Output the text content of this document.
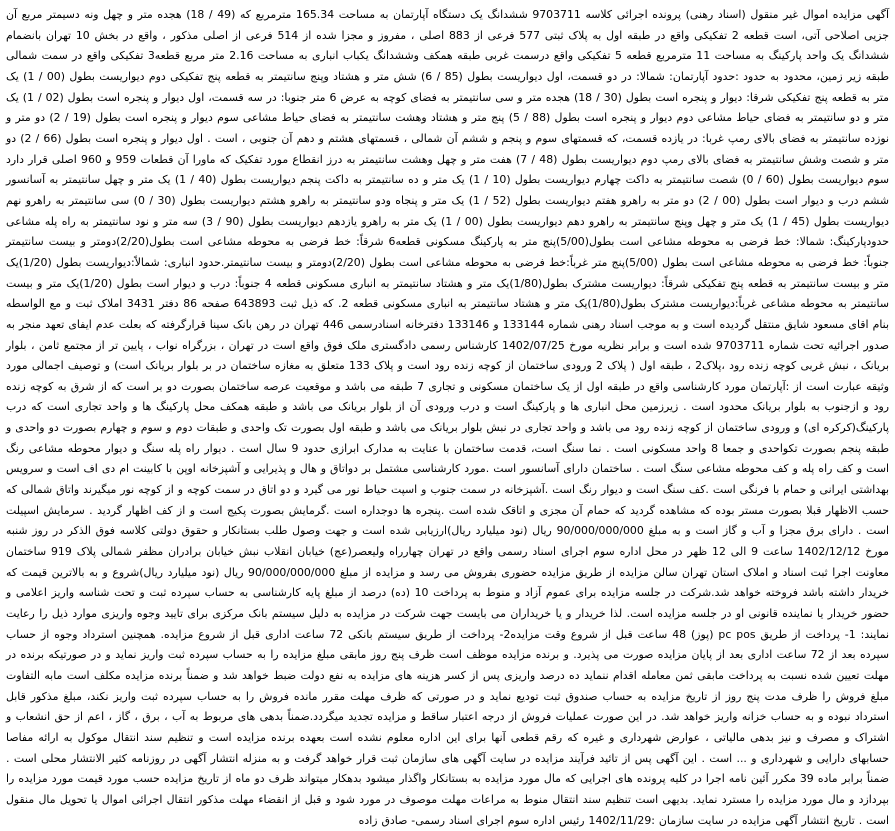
آگهی مزایده اموال غیر منقول (اسناد رهنی) پرونده اجرائی کلاسه 9703711 ششدانگ یک دستگاه آپارتمان به مساحت 165.34 مترمربع که (49 / 18) هجده متر و چهل ونه دسیمتر مربع آن جزیی اصلاحی آتی، است قطعه 2 تفکیکی واقع در طبقه اول به پلاک ثبتی 577 فرعی از 883 اصلی ، مفروز و مجزا شده از 514 فرعی از اصلی مذکور ، واقع در بخش 10 تهران بانضمام ششدانگ یک واحد پارکینگ به مساحت 11 مترمربع قطعه 5 تفکیکی واقع درسمت غربی طبقه همکف وششدانگ یکباب انباری به مساحت 2.16 متر مربع قطعه3 تفکیکی واقع در سمت شمالی طبقه زیر زمین، محدود به حدود :حدود آپارتمان: شمالا: در دو قسمت، اول دیواریست بطول (85 / 6) شش متر و هشتاد وپنج سانتیمتر به قطعه پنج تفکیکی دوم دیواریست بطول (00 / 1) یک متر به قطعه پنج تفکیکی شرقا: دیوار و پنجره است بطول (30 / 18) هجده متر و سی سانتیمتر به فضای کوچه به عرض 6 متر جنوبا: در سه قسمت، اول دیوار و پنجره است بطول (02 / 1) یک متر و دو سانتیمتر به فضای حیاط مشاعی دوم دیوار و پنجره است بطول (88 / 5) پنج متر و هشتاد وهشت سانتیمتر به فضای حیاط مشاعی سوم دیوار و پنجره است بطول (19 / 2) دو متر و نوزده سانتیمتر به فضای بالای رمپ غربا: در یازده قسمت، که قسمتهای سوم و پنجم و ششم آن شمالی ، قسمتهای هشتم و دهم آن جنوبی ، است . اول دیوار و پنجره است بطول (66 / 2) دو متر و شصت وشش سانتیمتر به فضای بالای رمپ دوم دیواریست بطول (48 / 7) هفت متر و چهل وهشت سانتیمتر به درز انقطاع مورد تفکیک که ماورا آن قطعات 959 و 960 اصلی قرار دارد سوم دیواریست بطول (60 / 0) شصت سانتیمتر به داکت چهارم دیواریست بطول (10 / 1) یک متر و ده سانتیمتر به داکت پنجم دیواریست بطول (40 / 1) یک متر و چهل سانتیمتر به آسانسور ششم درب و دیوار است بطول (00 / 2) دو متر به راهرو هفتم دیواریست بطول (52 / 1) یک متر و پنجاه ودو سانتیمتر به راهرو هشتم دیواریست بطول (30 / 0) سی سانتیمتر به راهرو نهم دیواریست بطول (45 / 1) یک متر و چهل وپنج سانتیمتر به راهرو دهم دیواریست بطول (00 / 1) یک متر به راهرو یازدهم دیواریست بطول (90 / 3) سه متر و نود سانتیمتر به راه پله مشاعی حدودپارکینگ: شمالا: خط فرضی به محوطه مشاعی است بطول(5/00)پنج متر به پارکینگ مسکونی قطعه6 شرقاً: خط فرضی به محوطه مشاعی است بطول(2/20)دومتر و بیست سانتیمتر جنوباً: خط فرضی به محوطه مشاعی است بطول (5/00)پنج متر غرباً:خط فرضی به محوطه مشاعی است بطول (2/20)دومتر و بیست سانتیمتر.حدود انباری: شمالاً:دیواریست بطول (1/20)یک متر و بیست سانتیمتر به قطعه پنج تفکیکی شرقاً: دیواریست مشترک بطول(1/80)یک متر و هشتاد سانتیمتر به انباری مسکونی قطعه 4 جنوباً: درب و دیوار است بطول (1/20)یک متر و بیست سانتیمتر به محوطه مشاعی غرباً:دیواریست مشترک بطول(1/80)یک متر و هشتاد سانتیمتر به انباری مسکونی قطعه 2. که ذیل ثبت 643893 صفحه 86 دفتر 3431 املاک ثبت و مع الواسطه بنام اقای مسعود شایق منتقل گردیده است و به موجب اسناد رهنی شماره 133144 و 133146 دفترخانه اسنادرسمی 446 تهران در رهن بانک سینا قرارگرفته که بعلت عدم ایفای تعهد منجر به صدور اجرائیه تحت شماره 9703711 شده است و برابر نظریه مورخ 1402/07/25 کارشناس رسمی دادگستری ملک فوق واقع است در تهران ، بزرگراه نواب ، پایین تر از مجتمع ثامن ، بلوار بریانک ، نبش غربی کوچه زنده رود ،پلاک2 ، طبقه اول ( پلاک 2 ورودی ساختمان از کوچه زنده رود است و پلاک 133 متعلق به مغازه ساختمان در بر بلوار بریانک است) و توصیف اجمالی مورد وثیقه عبارت است از :آپارتمان مورد کارشناسی واقع در طبقه اول از یک ساختمان مسکونی و تجاری 7 طبقه می باشد و موقعیت عرصه ساختمان بصورت دو بر است که از شرق به کوچه زنده رود و ازجنوب به بلوار بریانک محدود است . زیرزمین محل انباری ها و پارکینگ است و درب ورودی آن از بلوار بریانک می باشد و طبقه همکف محل پارکینگ ها و واحد تجاری است که درب پارکینگ(کرکره ای) و ورودی ساختمان از کوچه زنده رود می باشد و واحد تجاری در نبش بلوار بریانک می باشد و طبقه اول بصورت تک واحدی و طبقات دوم و سوم و چهارم بصورت دو واحدی و طبقه پنجم بصورت تکواحدی و جمعا 8 واحد مسکونی است . نما سنگ است، قدمت ساختمان با عنایت به مدارک ابرازی حدود 9 سال است . دیوار راه پله سنگ و دیوار محوطه مشاعی رنگ است و کف راه پله و کف محوطه مشاعی سنگ است . ساختمان دارای آسانسور است .مورد کارشناسی مشتمل بر دواتاق و هال و پذیرایی و آشپزخانه اوپن با کابینت ام دی اف است و سرویس بهداشتی ایرانی و حمام با فرنگی است .کف سنگ است و دیوار رنگ است .آشپزخانه در سمت جنوب و اسپت حیاط نور می گیرد و دو اتاق در سمت کوچه و از کوچه نور میگیرند واتاق شمالی که حسب الاظهار قبلا بصورت مستر بوده که مشاهده گردید که حمام آن مجزی و اتاقک شده است .پنجره ها دوجداره است .گرمایش بصورت پکیج است و از کف اظهار گردید . سرمایش اسپیلت است . دارای برق مجزا و آب و گاز است و به مبلغ 90/000/000/000 ریال (نود میلیارد ریال)ارزیابی شده است و جهت وصول طلب بستانکار و حقوق دولتی کلاسه فوق الذکر در روز شنبه مورخ 1402/12/12 ساعت 9 الی 12 ظهر در محل اداره سوم اجرای اسناد رسمی واقع در تهران چهارراه ولیعصر(عج) خیابان انقلاب نبش خیابان برادران مظفر شمالی پلاک 919 ساختمان معاونت اجرا ثبت اسناد و املاک استان تهران سالن مزایده از طریق مزایده حضوری بفروش می رسد و مزایده از مبلغ 90/000/000/000 ریال (نود میلیارد ریال)شروع و به بالاترین قیمت که خریدار داشته باشد فروخته خواهد شد.شرکت در جلسه مزایده برای عموم آزاد و منوط به پرداخت 10 (ده) درصد از مبلغ پایه کارشناسی به حساب سپرده ثبت و تحت شناسه واریز اعلامی و حضور خریدار یا نماینده قانونی او در جلسه مزایده است. لذا خریدار و یا خریداران می بایست جهت شرکت در مزایده به دلیل سیستم بانک مرکزی برای تایید وجوه واریزی موارد ذیل را رعایت نمایند: 1- پرداخت از طریق pc pos (پوز) 48 ساعت قبل از شروع وقت مزایده2- پرداخت از طریق سیستم بانکی 72 ساعت اداری قبل از شروع مزایده. همچنین استرداد وجوه از حساب سپرده بعد از 72 ساعت اداری بعد از پایان مزایده صورت می پذیرد. و برنده مزایده موظف است ظرف پنج روز مابقی مبلغ مزایده را به حساب سپرده ثبت واریز نماید و در صورتیکه برنده در مهلت تعیین شده نسبت به پرداخت مابقی ثمن معامله اقدام ننماید ده درصد واریزی پس از کسر هزینه های مزایده به نفع دولت ضبط خواهد شد و ضمناً برنده مزایده مکلف است مابه التفاوت مبلغ فروش را ظرف مدت پنج روز از تاریخ مزایده به حساب صندوق ثبت تودیع نماید و در صورتی که ظرف مهلت مقرر مانده فروش را به حساب سپرده ثبت واریز نکند، مبلغ مذکور قابل استرداد نبوده و به حساب خزانه واریز خواهد شد. در این صورت عملیات فروش از درجه اعتبار ساقط و مزایده تجدید میگردد.ضمناً بدهی های مربوط به آب ، برق ، گاز ، اعم از حق انشعاب و اشتراک و مصرف و نیز بدهی مالیاتی ، عوارض شهرداری و غیره که رقم قطعی آنها برای این اداره معلوم نشده است بعهده برنده مزایده است و تنظیم سند انتقال موکول به ارائه مفاصا حسابهای دارایی و شهرداری و ... است . این آگهی پس از تائید فرآیند مزایده در سایت آگهی های سازمان ثبت قرار خواهد گرفت و به منزله انتشار آگهی در روزنامه کثیر الانتشار محلی است . ضمناً برابر ماده 39 مکرر آئین نامه اجرا در کلیه پرونده های اجرایی که مال مورد مزایده به بستانکار واگذار میشود بدهکار میتواند ظرف دو ماه از تاریخ مزایده حسب مورد قیمت مورد مزایده را بپردازد و مال مورد مزایده را مسترد نماید. بدیهی است تنظیم سند انتقال منوط به مراعات مهلت موصوف در مورد شود و قبل از انقضاء مهلت مذکور انتقال اجرائی اموال یا تحویل مال منقول است . تاریخ انتشار آگهی مزایده در سایت سازمان :1402/11/29 رئیس اداره سوم اجرای اسناد رسمی- صادق زاده
